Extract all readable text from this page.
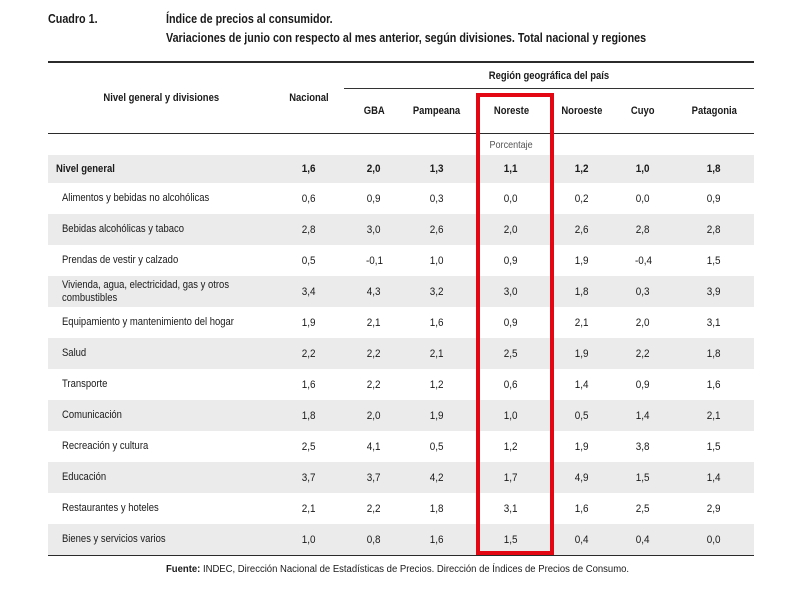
Cuadro 1.	Índice de precios al consumidor.
Variaciones de junio con respecto al mes anterior, según divisiones. Total nacional y regiones

Nivel general y divisiones	Nacional	Región geográfica del país					
		GBA	Pampeana	Noreste	Noroeste	Cuyo	Patagonia
				Porcentaje			
Nivel general	1,6	2,0	1,3	1,1	1,2	1,0	1,8
Alimentos y bebidas no alcohólicas	0,6	0,9	0,3	0,0	0,2	0,0	0,9
Bebidas alcohólicas y tabaco	2,8	3,0	2,6	2,0	2,6	2,8	2,8
Prendas de vestir y calzado	0,5	-0,1	1,0	0,9	1,9	-0,4	1,5
Vivienda, agua, electricidad, gas y otros combustibles	3,4	4,3	3,2	3,0	1,8	0,3	3,9
Equipamiento y mantenimiento del hogar	1,9	2,1	1,6	0,9	2,1	2,0	3,1
Salud	2,2	2,2	2,1	2,5	1,9	2,2	1,8
Transporte	1,6	2,2	1,2	0,6	1,4	0,9	1,6
Comunicación	1,8	2,0	1,9	1,0	0,5	1,4	2,1
Recreación y cultura	2,5	4,1	0,5	1,2	1,9	3,8	1,5
Educación	3,7	3,7	4,2	1,7	4,9	1,5	1,4
Restaurantes y hoteles	2,1	2,2	1,8	3,1	1,6	2,5	2,9
Bienes y servicios varios	1,0	0,8	1,6	1,5	0,4	0,4	0,0

Fuente: INDEC, Dirección Nacional de Estadísticas de Precios. Dirección de Índices de Precios de Consumo.
